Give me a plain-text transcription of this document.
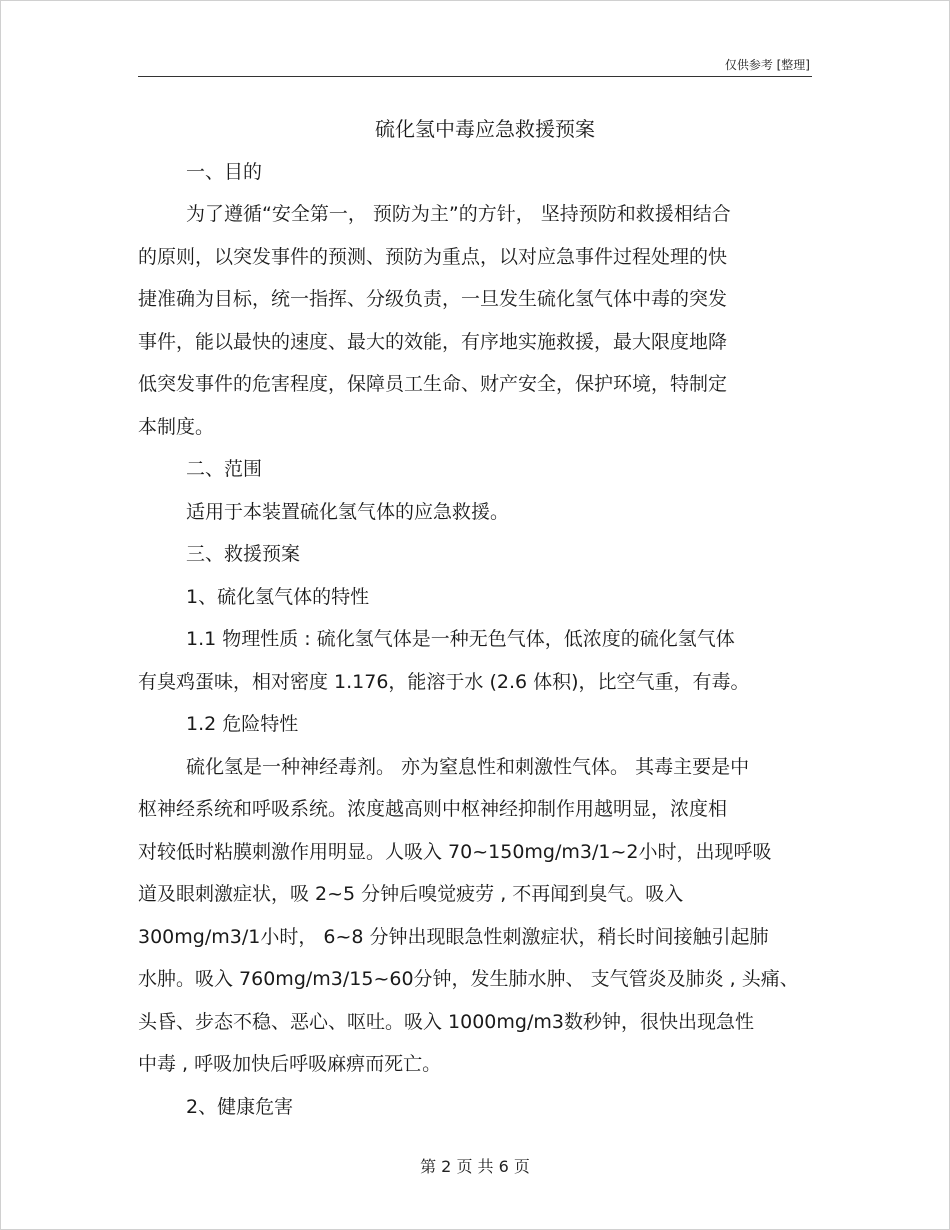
仅供参考 [整理]

硫化氢中毒应急救援预案

一、目的

为了遵循“安全第一， 预防为主”的方针， 坚持预防和救援相结合
的原则，以突发事件的预测、预防为重点，以对应急事件过程处理的快
捷准确为目标，统一指挥、分级负责，一旦发生硫化氢气体中毒的突发
事件，能以最快的速度、最大的效能，有序地实施救援，最大限度地降
低突发事件的危害程度，保障员工生命、财产安全，保护环境，特制定
本制度。

二、范围

适用于本装置硫化氢气体的应急救援。

三、救援预案

1、硫化氢气体的特性

1.1 物理性质 : 硫化氢气体是一种无色气体，低浓度的硫化氢气体
有臭鸡蛋味，相对密度 1.176，能溶于水 (2.6 体积)，比空气重，有毒。

1.2 危险特性

硫化氢是一种神经毒剂。 亦为窒息性和刺激性气体。 其毒主要是中
枢神经系统和呼吸系统。浓度越高则中枢神经抑制作用越明显，浓度相
对较低时粘膜刺激作用明显。人吸入 70~150mg/m3/1~2小时，出现呼吸
道及眼刺激症状，吸 2~5 分钟后嗅觉疲劳 , 不再闻到臭气。吸入
300mg/m3/1小时， 6~8 分钟出现眼急性刺激症状，稍长时间接触引起肺
水肿。吸入 760mg/m3/15~60分钟，发生肺水肿、 支气管炎及肺炎 , 头痛、
头昏、步态不稳、恶心、呕吐。吸入 1000mg/m3数秒钟，很快出现急性
中毒 , 呼吸加快后呼吸麻痹而死亡。

2、健康危害

第 2 页 共 6 页
